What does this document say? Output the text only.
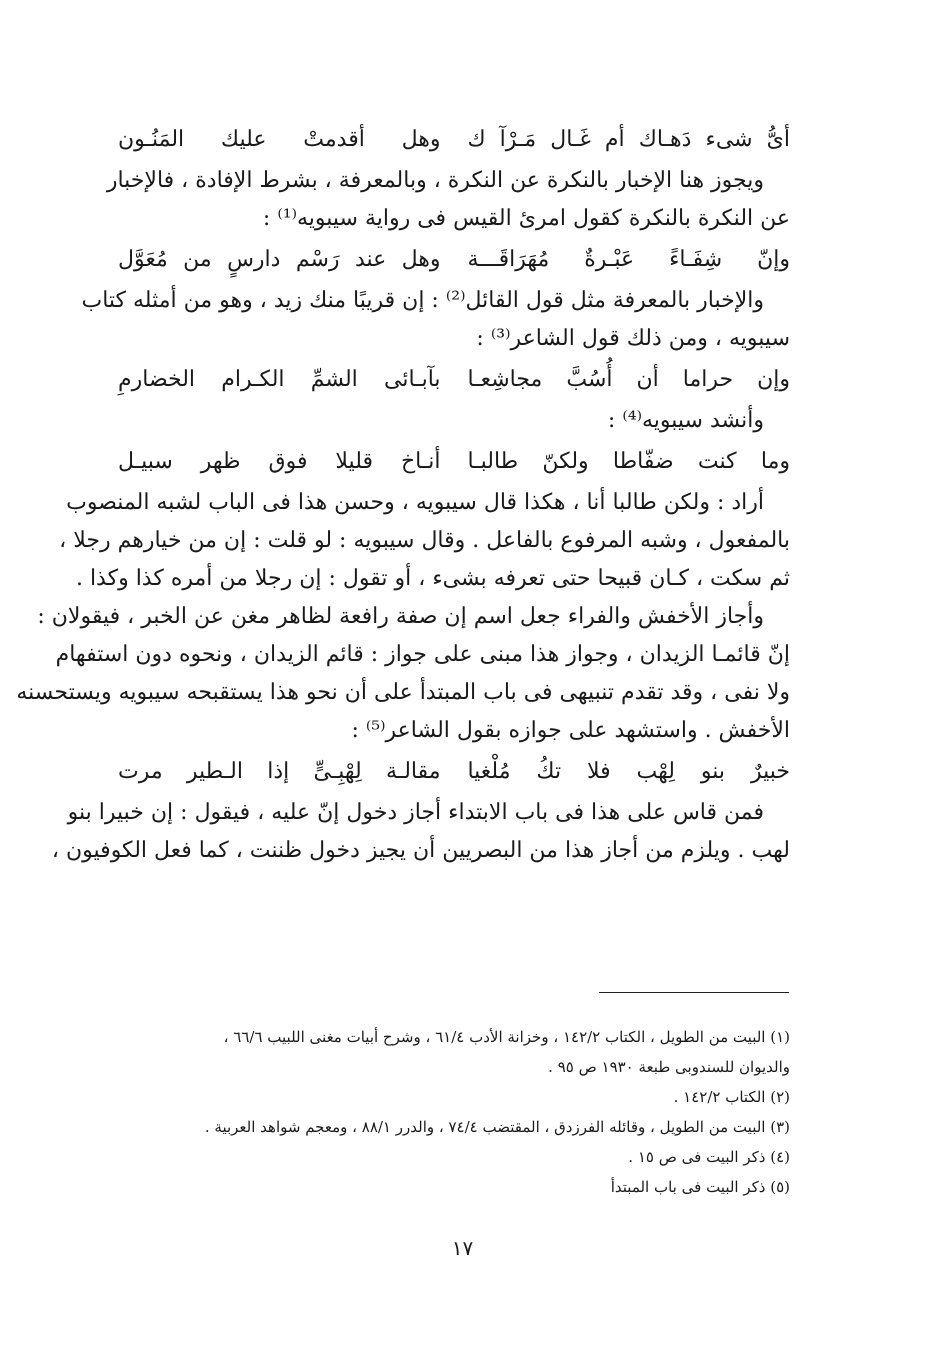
أىُّ شىء دَهـاك أم غَـال مَـرْآ ك
وهل أقدمتْ عليك المَنُـون
ويجوز هنا الإخبار بالنكرة عن النكرة ، وبالمعرفة ، بشرط الإفادة ، فالإخبار
عن النكرة بالنكرة كقول امرئ القيس فى رواية سيبويه⁽¹⁾ :
وإنّ شِفَـاءً عَبْـرةٌ مُهَرَاقَـــة
وهل عند رَسْم دارسٍ من مُعَوَّل
والإخبار بالمعرفة مثل قول القائل⁽²⁾ : إن قريبًا منك زيد ، وهو من أمثله كتاب
سيبويه ، ومن ذلك قول الشاعر⁽³⁾ :
وإن حراما أن أُسُبَّ مجاشِعـا
بآبـائى الشمِّ الكـرام الخضارمِ
وأنشد سيبويه⁽⁴⁾ :
وما كنت ضفّاطا ولكنّ طالبـا
أنـاخ قليلا فوق ظهر سبيـل
أراد : ولكن طالبا أنا ، هكذا قال سيبويه ، وحسن هذا فى الباب لشبه المنصوب
بالمفعول ، وشبه المرفوع بالفاعل . وقال سيبويه : لو قلت : إن من خيارهم رجلا ،
ثم سكت ، كـان قبيحا حتى تعرفه بشىء ، أو تقول : إن رجلا من أمره كذا وكذا .
وأجاز الأخفش والفراء جعل اسم إن صفة رافعة لظاهر مغن عن الخبر ، فيقولان :
إنّ قائمـا الزيدان ، وجواز هذا مبنى على جواز : قائم الزيدان ، ونحوه دون استفهام
ولا نفى ، وقد تقدم تنبيهى فى باب المبتدأ على أن نحو هذا يستقبحه سيبويه ويستحسنه
الأخفش . واستشهد على جوازه بقول الشاعر⁽⁵⁾ :
خبيرٌ بنو لِهْب فلا تكُ مُلْغيا
مقالـة لِهْبِـىٍّ إذا الـطير مرت
فمن قاس على هذا فى باب الابتداء أجاز دخول إنّ عليه ، فيقول : إن خبيرا بنو
لهب . ويلزم من أجاز هذا من البصريين أن يجيز دخول ظننت ، كما فعل الكوفيون ،
(١) البيت من الطويل ، الكتاب ١٤٢/٢ ، وخزانة الأدب ٦١/٤ ، وشرح أبيات مغنى اللبيب ٦٦/٦ ،
والديوان للسندوبى طبعة ١٩٣٠ ص ٩٥ .
(٢) الكتاب ١٤٢/٢ .
(٣) البيت من الطويل ، وقائله الفرزدق ، المقتضب ٧٤/٤ ، والدرر ٨٨/١ ، ومعجم شواهد العربية .
(٤) ذكر البيت فى ص ١٥ .
(٥) ذكر البيت فى باب المبتدأ
١٧
